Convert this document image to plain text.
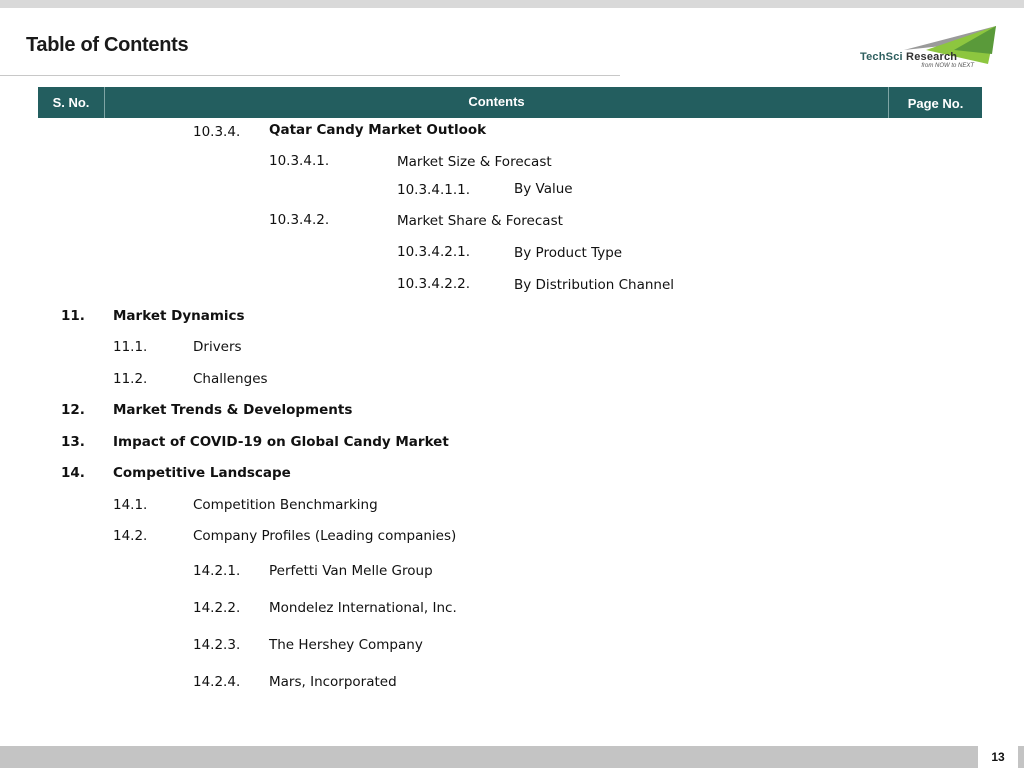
Table of Contents
TechSci Research
from NOW to NEXT
S. No.	Contents	Page No.
10.3.4. Qatar Candy Market Outlook
10.3.4.1.	Market Size & Forecast
10.3.4.1.1.	By Value
10.3.4.2.	Market Share & Forecast
10.3.4.2.1.	By Product Type
10.3.4.2.2.	By Distribution Channel
11. Market Dynamics
11.1.	Drivers
11.2.	Challenges
12. Market Trends & Developments
13. Impact of COVID-19 on Global Candy Market
14. Competitive Landscape
14.1.	Competition Benchmarking
14.2.	Company Profiles (Leading companies)
14.2.1. Perfetti Van Melle Group
14.2.2. Mondelez International, Inc.
14.2.3. The Hershey Company
14.2.4. Mars, Incorporated
13
